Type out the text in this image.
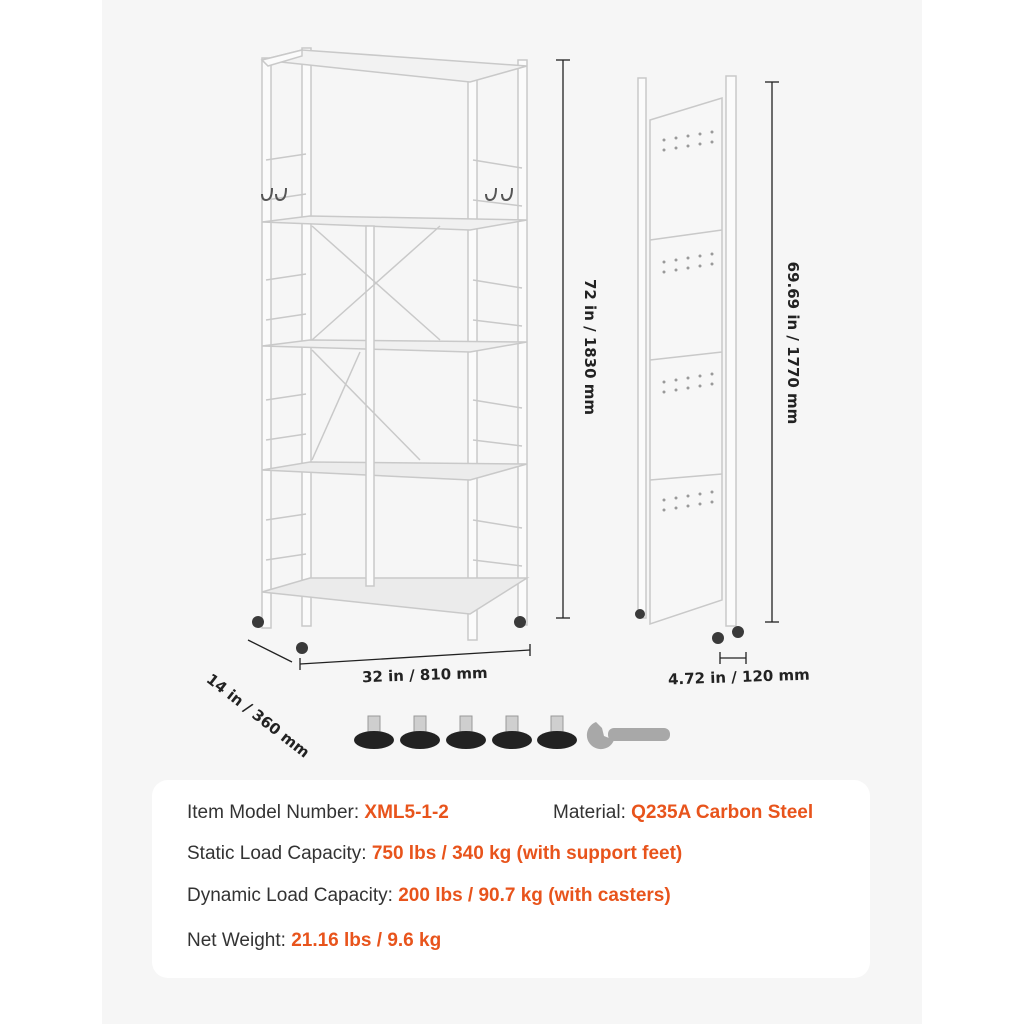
72 in / 1830 mm
32 in / 810 mm
14 in / 360 mm
69.69 in / 1770 mm
4.72 in / 120 mm
Item Model Number: XML5-1-2	Material: Q235A Carbon Steel
Static Load Capacity: 750 lbs / 340 kg (with support feet)
Dynamic Load Capacity: 200 lbs / 90.7 kg (with casters)
Net Weight: 21.16 lbs / 9.6 kg
